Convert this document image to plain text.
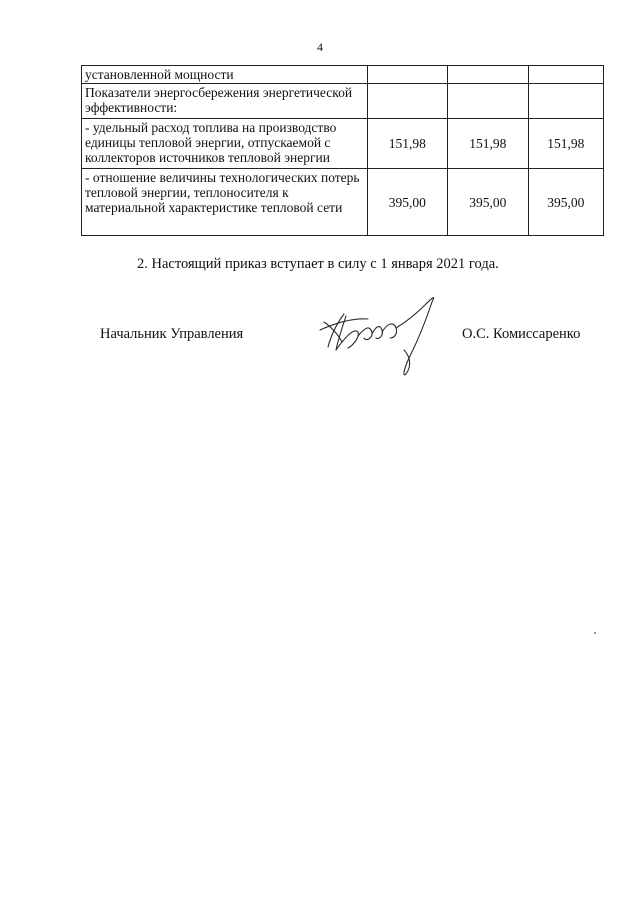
4
установленной мощности			
Показатели энергосбережения энергетической эффективности:			
- удельный расход топлива на производство единицы тепловой энергии, отпускаемой с коллекторов источников тепловой энергии	151,98	151,98	151,98
- отношение величины технологических потерь тепловой энергии, теплоносителя к материальной характеристике тепловой сети	395,00	395,00	395,00
2. Настоящий приказ вступает в силу с 1 января 2021 года.
Начальник Управления	О.С. Комиссаренко
